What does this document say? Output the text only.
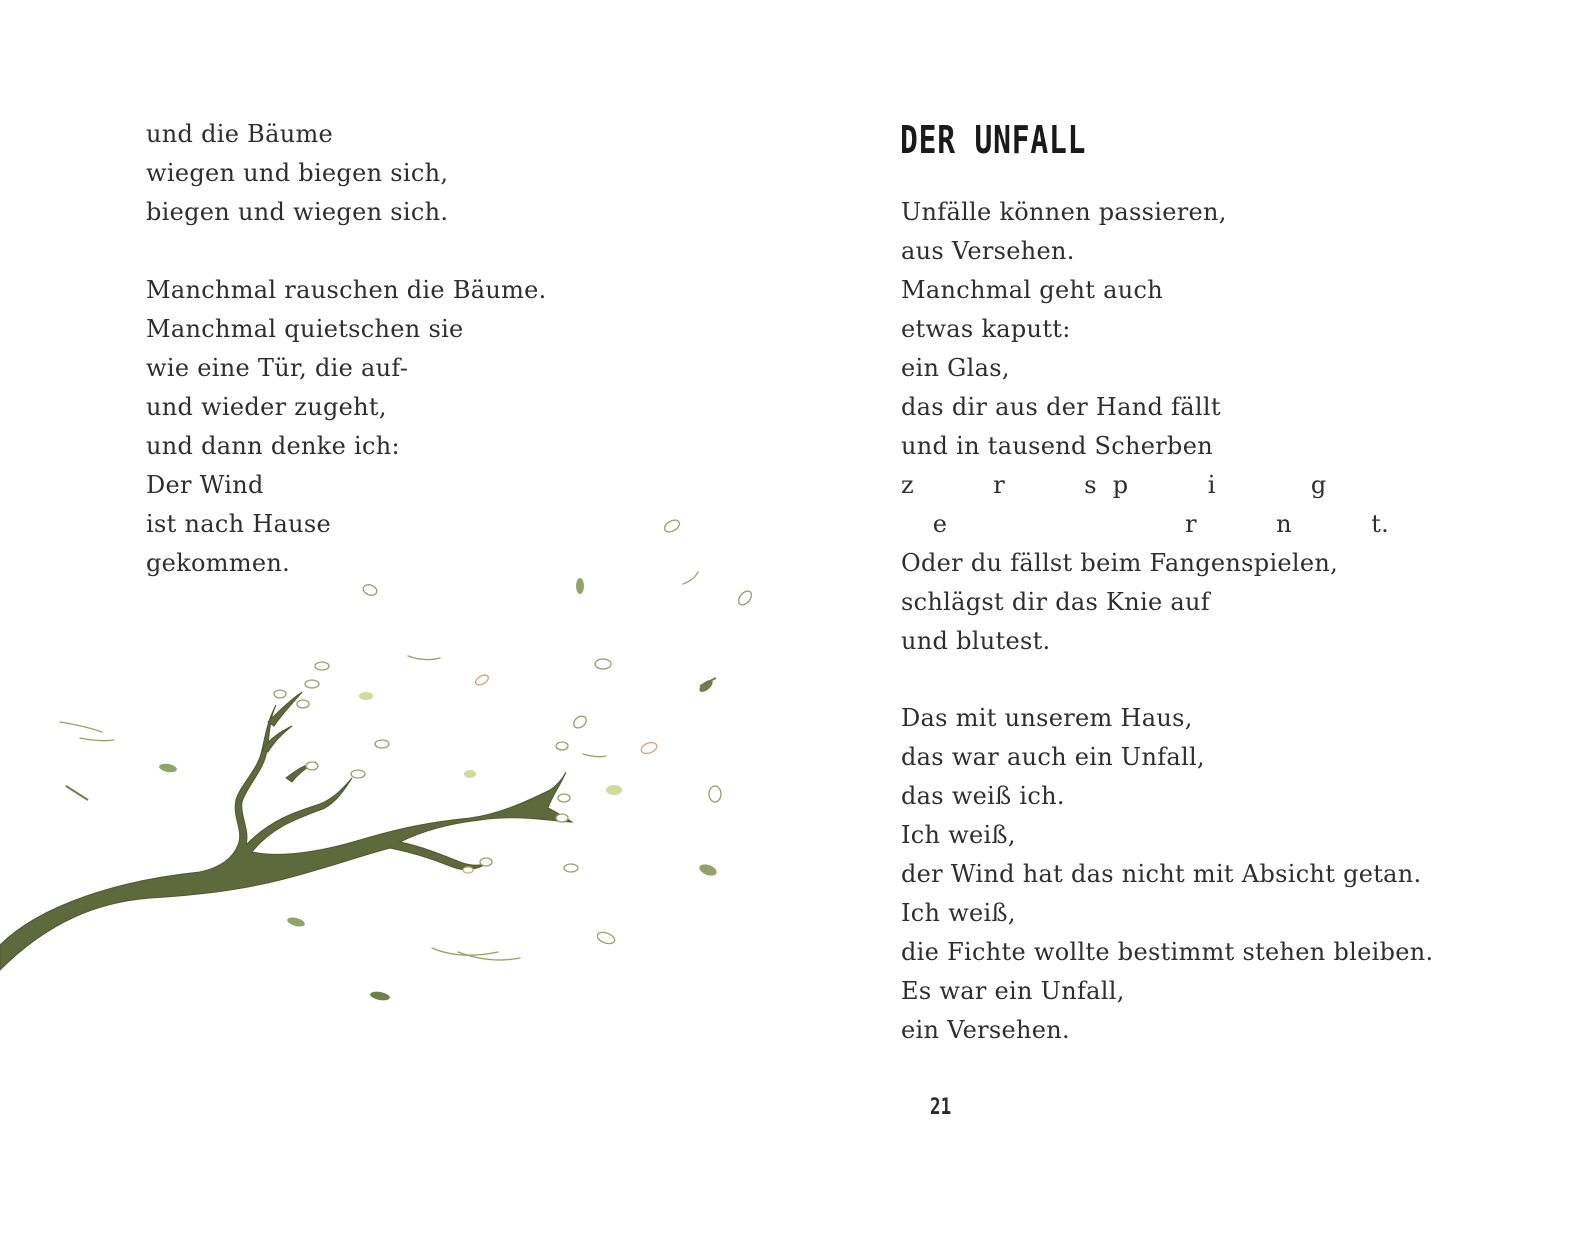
und die Bäume
wiegen und biegen sich,
biegen und wiegen sich.
Manchmal rauschen die Bäume.
Manchmal quietschen sie
wie eine Tür, die auf-
und wieder zugeht,
und dann denke ich:
Der Wind
ist nach Hause
gekommen.
DER UNFALL
Unfälle können passieren,
aus Versehen.
Manchmal geht auch
etwas kaputt:
ein Glas,
das dir aus der Hand fällt
und in tausend Scherben
z          r          s  p          i            g
e                              r          n          t.
Oder du fällst beim Fangenspielen,
schlägst dir das Knie auf
und blutest.
Das mit unserem Haus,
das war auch ein Unfall,
das weiß ich.
Ich weiß,
der Wind hat das nicht mit Absicht getan.
Ich weiß,
die Fichte wollte bestimmt stehen bleiben.
Es war ein Unfall,
ein Versehen.
21
